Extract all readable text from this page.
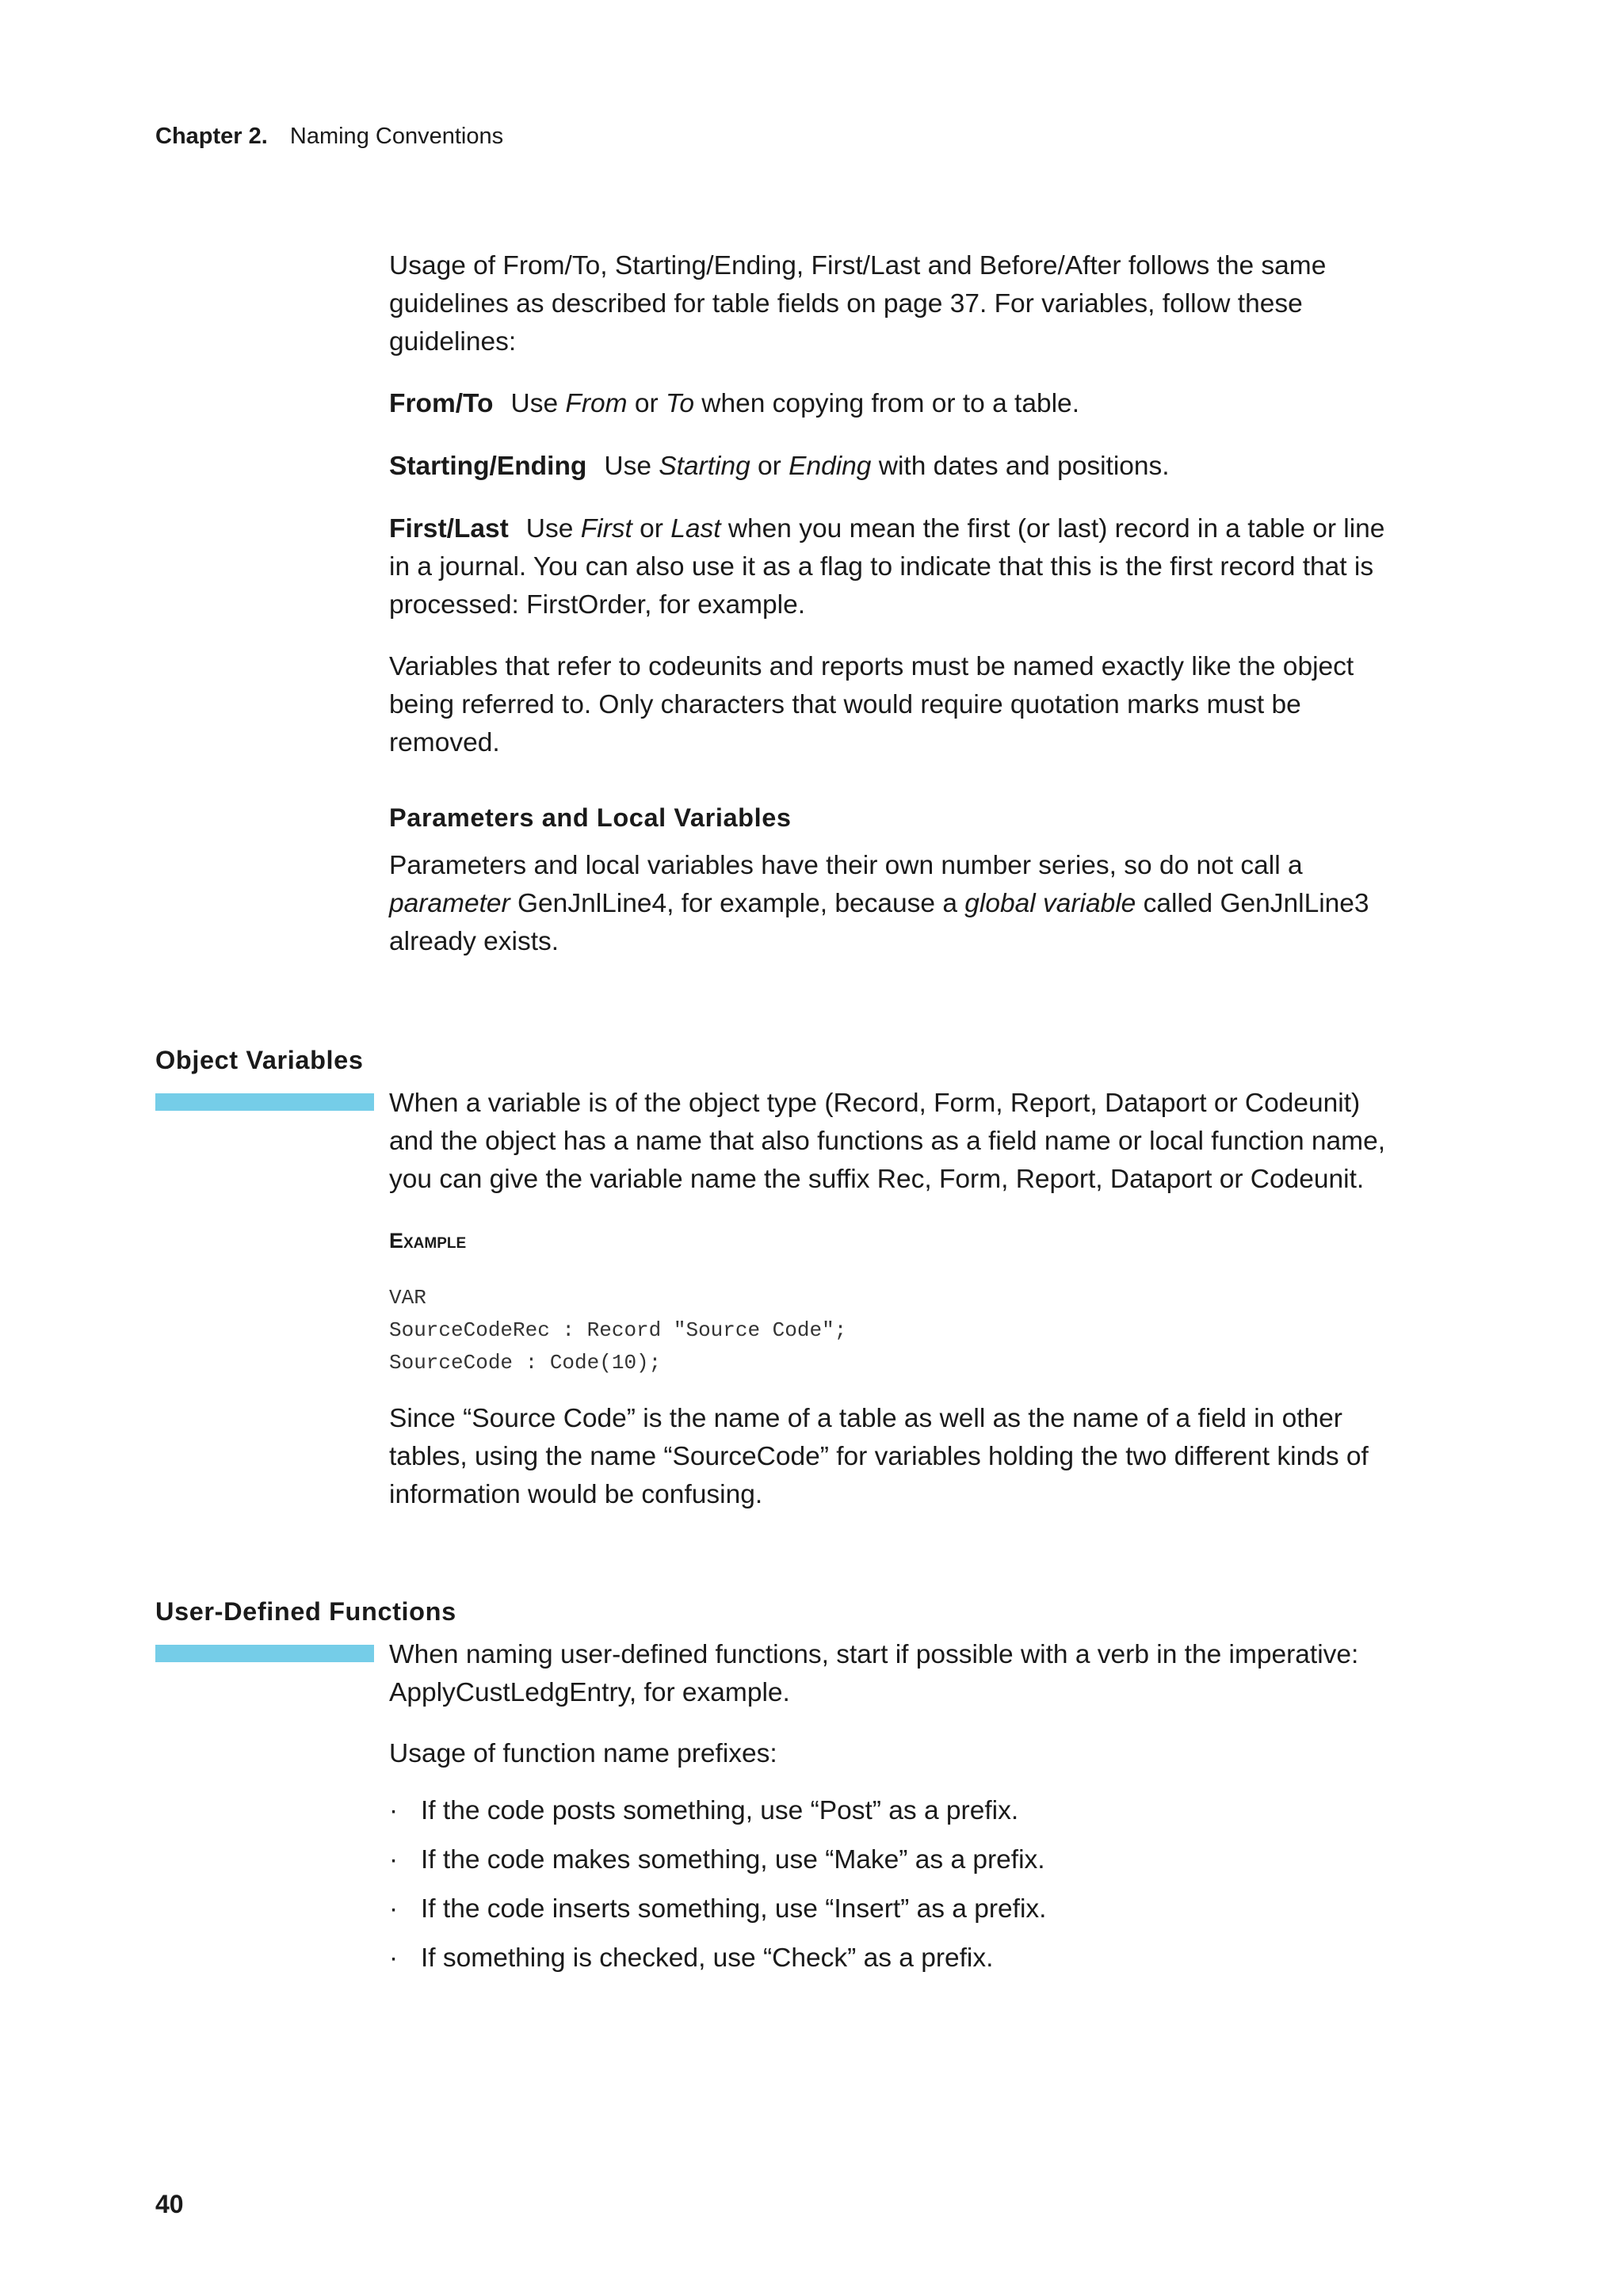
Chapter 2. Naming Conventions

Usage of From/To, Starting/Ending, First/Last and Before/After follows the same guidelines as described for table fields on page 37. For variables, follow these guidelines:

From/To Use From or To when copying from or to a table.

Starting/Ending Use Starting or Ending with dates and positions.

First/Last Use First or Last when you mean the first (or last) record in a table or line in a journal. You can also use it as a flag to indicate that this is the first record that is processed: FirstOrder, for example.

Variables that refer to codeunits and reports must be named exactly like the object being referred to. Only characters that would require quotation marks must be removed.

Parameters and Local Variables

Parameters and local variables have their own number series, so do not call a parameter GenJnlLine4, for example, because a global variable called GenJnlLine3 already exists.

Object Variables

When a variable is of the object type (Record, Form, Report, Dataport or Codeunit) and the object has a name that also functions as a field name or local function name, you can give the variable name the suffix Rec, Form, Report, Dataport or Codeunit.

Example
VAR
SourceCodeRec : Record "Source Code";
SourceCode : Code(10);

Since “Source Code” is the name of a table as well as the name of a field in other tables, using the name “SourceCode” for variables holding the two different kinds of information would be confusing.

User-Defined Functions

When naming user-defined functions, start if possible with a verb in the imperative: ApplyCustLedgEntry, for example.

Usage of function name prefixes:

· If the code posts something, use “Post” as a prefix.
· If the code makes something, use “Make” as a prefix.
· If the code inserts something, use “Insert” as a prefix.
· If something is checked, use “Check” as a prefix.
40
